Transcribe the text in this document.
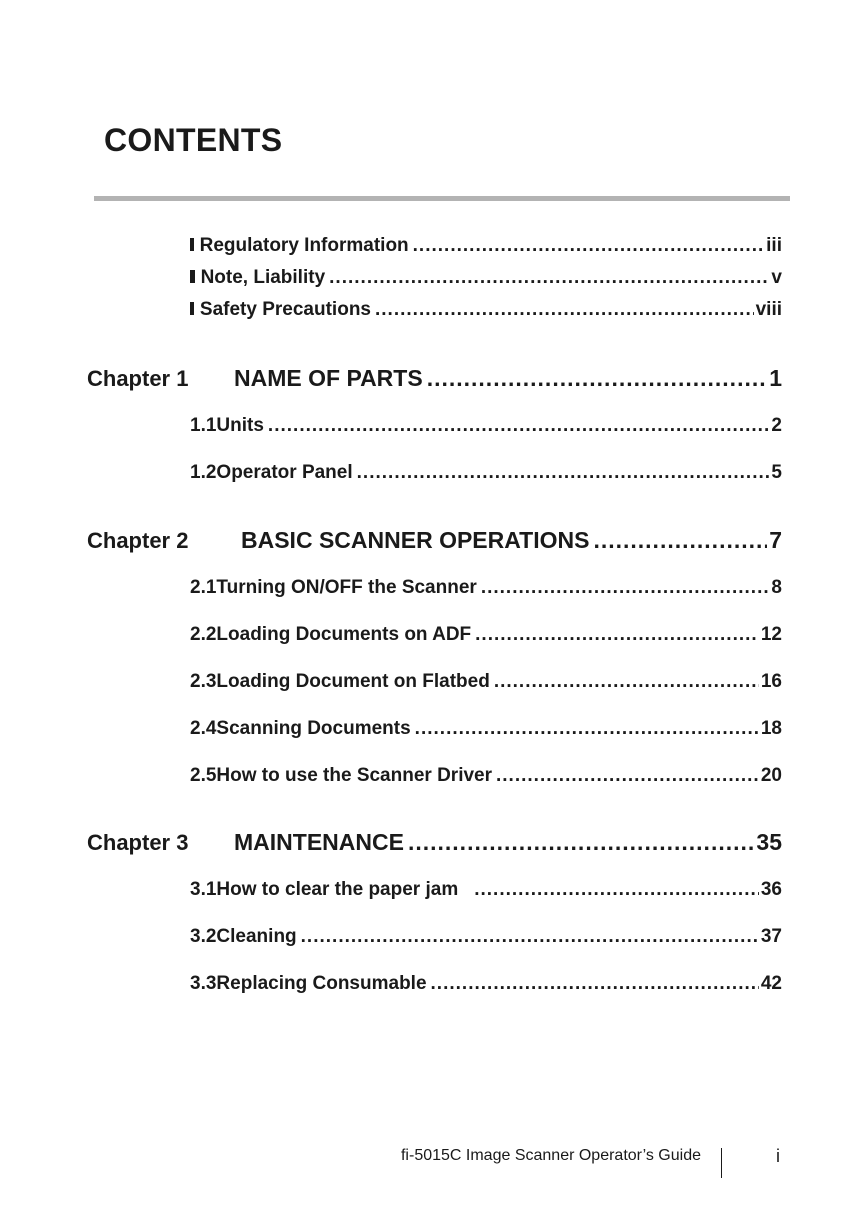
CONTENTS
Regulatory Information .....	iii
Note, Liability .....	v
Safety Precautions .....	viii
Chapter 1 NAME OF PARTS .....	1
1.1 Units .....	2
1.2 Operator Panel .....	5
Chapter 2 BASIC SCANNER OPERATIONS .....	7
2.1 Turning ON/OFF the Scanner .....	8
2.2 Loading Documents on ADF .....	12
2.3 Loading Document on Flatbed .....	16
2.4 Scanning Documents .....	18
2.5 How to use the Scanner Driver .....	20
Chapter 3 MAINTENANCE .....	35
3.1 How to clear the paper jam .....	36
3.2 Cleaning .....	37
3.3 Replacing Consumable .....	42
fi-5015C Image Scanner Operator’s Guide	i
